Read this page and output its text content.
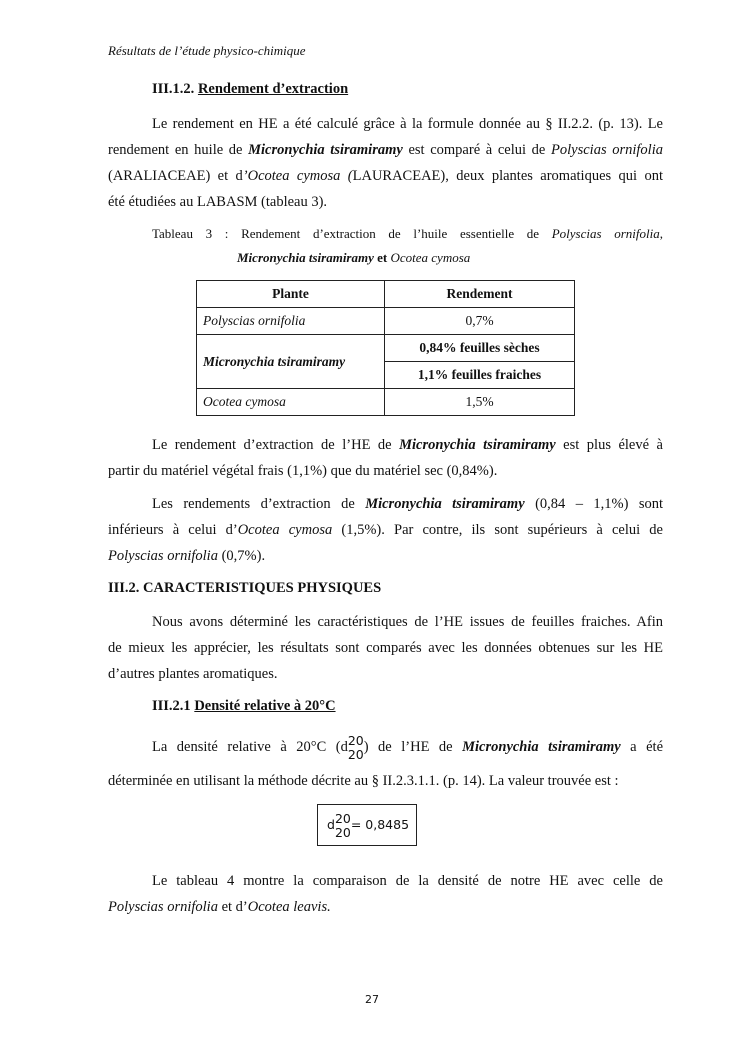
Résultats de l’étude physico-chimique
III.1.2. Rendement d’extraction
Le rendement en HE a été calculé grâce à la formule donnée au § II.2.2. (p. 13). Le
rendement en huile de Micronychia tsiramiramy est comparé à celui de Polyscias ornifolia
(ARALIACEAE) et d’Ocotea cymosa (LAURACEAE), deux plantes aromatiques qui ont
été étudiées au LABASM (tableau 3).
Tableau 3 : Rendement d’extraction de l’huile essentielle de Polyscias ornifolia,
Micronychia tsiramiramy et Ocotea cymosa
Plante	Rendement
Polyscias ornifolia	0,7%
Micronychia tsiramiramy	0,84% feuilles sèches
	1,1% feuilles fraiches
Ocotea cymosa	1,5%
Le rendement d’extraction de l’HE de Micronychia tsiramiramy est plus élevé à
partir du matériel végétal frais (1,1%) que du matériel sec (0,84%).
Les rendements d’extraction de Micronychia tsiramiramy (0,84 – 1,1%) sont
inférieurs à celui d’Ocotea cymosa (1,5%). Par contre, ils sont supérieurs à celui de
Polyscias ornifolia (0,7%).
III.2. CARACTERISTIQUES PHYSIQUES
Nous avons déterminé les caractéristiques de l’HE issues de feuilles fraiches. Afin
de mieux les apprécier, les résultats sont comparés avec les données obtenues sur les HE
d’autres plantes aromatiques.
III.2.1 Densité relative à 20°C
La densité relative à 20°C (d 20
20 ) de l’HE de Micronychia tsiramiramy a été
déterminée en utilisant la méthode décrite au § II.2.3.1.1. (p. 14). La valeur trouvée est :
d 20
20 = 0,8485
Le tableau 4 montre la comparaison de la densité de notre HE avec celle de
Polyscias ornifolia et d’Ocotea leavis.
27
